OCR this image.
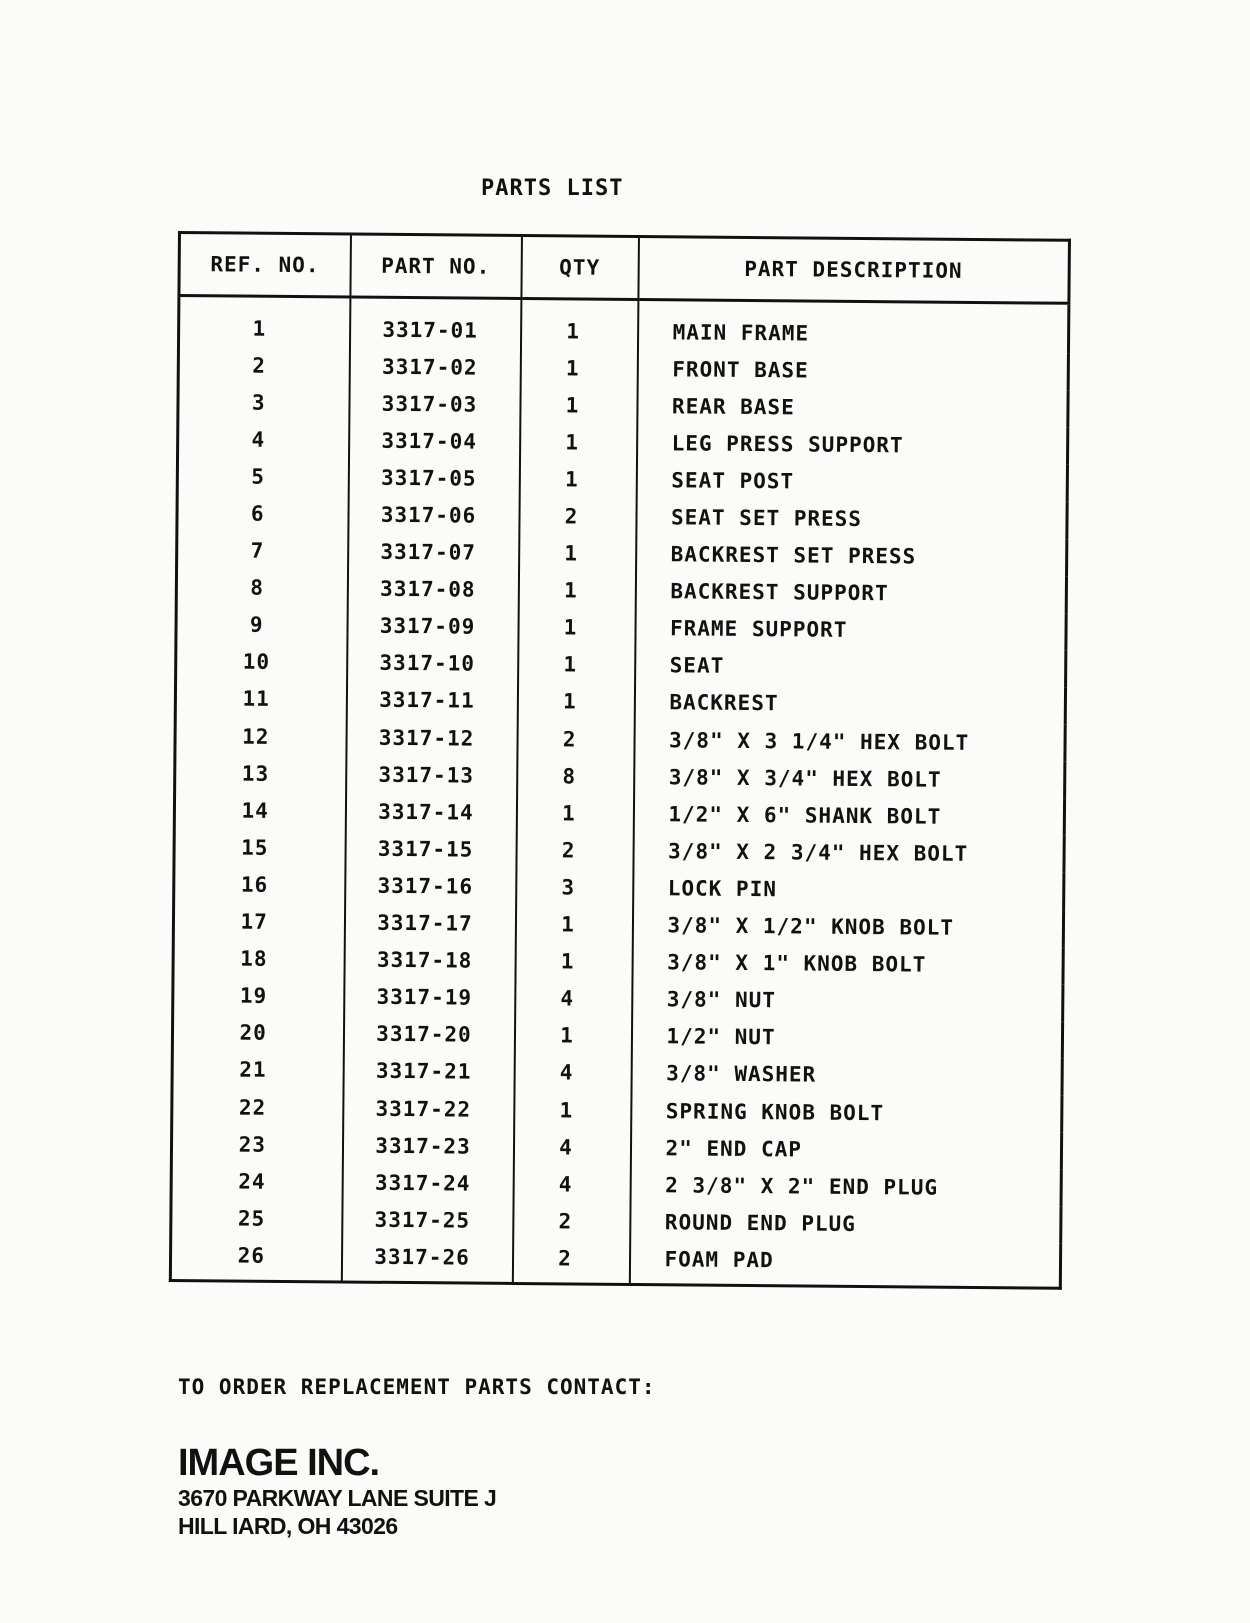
PARTS LIST
REF. NO.	PART NO.	QTY	PART DESCRIPTION
1	3317-01	1	MAIN FRAME
2	3317-02	1	FRONT BASE
3	3317-03	1	REAR BASE
4	3317-04	1	LEG PRESS SUPPORT
5	3317-05	1	SEAT POST
6	3317-06	2	SEAT SET PRESS
7	3317-07	1	BACKREST SET PRESS
8	3317-08	1	BACKREST SUPPORT
9	3317-09	1	FRAME SUPPORT
10	3317-10	1	SEAT
11	3317-11	1	BACKREST
12	3317-12	2	3/8" X 3 1/4" HEX BOLT
13	3317-13	8	3/8" X 3/4" HEX BOLT
14	3317-14	1	1/2" X 6" SHANK BOLT
15	3317-15	2	3/8" X 2 3/4" HEX BOLT
16	3317-16	3	LOCK PIN
17	3317-17	1	3/8" X 1/2" KNOB BOLT
18	3317-18	1	3/8" X 1" KNOB BOLT
19	3317-19	4	3/8" NUT
20	3317-20	1	1/2" NUT
21	3317-21	4	3/8" WASHER
22	3317-22	1	SPRING KNOB BOLT
23	3317-23	4	2" END CAP
24	3317-24	4	2 3/8" X 2" END PLUG
25	3317-25	2	ROUND END PLUG
26	3317-26	2	FOAM PAD
TO ORDER REPLACEMENT PARTS CONTACT:
IMAGE INC.
3670 PARKWAY LANE SUITE J
HILL IARD, OH 43026
